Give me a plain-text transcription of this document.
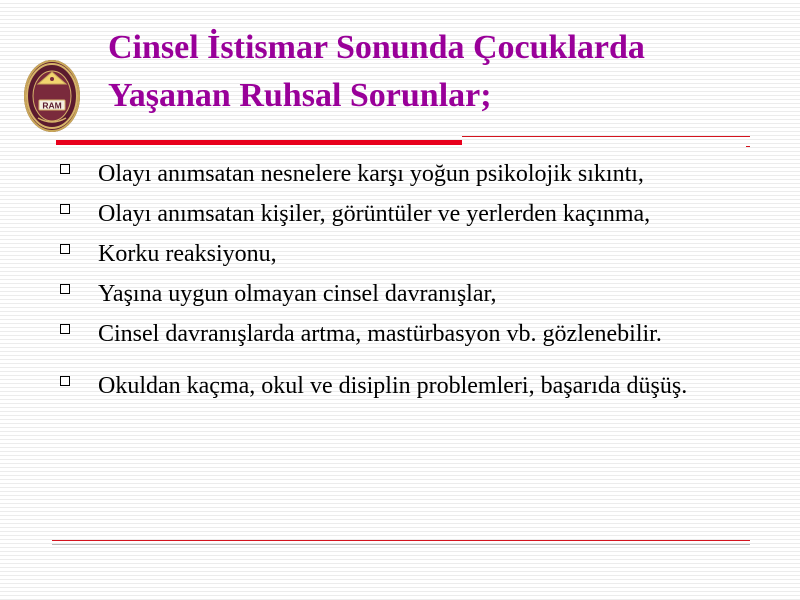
RAM
Cinsel İstismar Sonunda Çocuklarda
Yaşanan Ruhsal Sorunlar;
Olayı anımsatan nesnelere karşı yoğun psikolojik sıkıntı,
Olayı anımsatan kişiler, görüntüler ve yerlerden kaçınma,
Korku reaksiyonu,
Yaşına uygun olmayan cinsel davranışlar,
Cinsel davranışlarda artma, mastürbasyon vb. gözlenebilir.
Okuldan kaçma, okul ve disiplin problemleri, başarıda düşüş.
